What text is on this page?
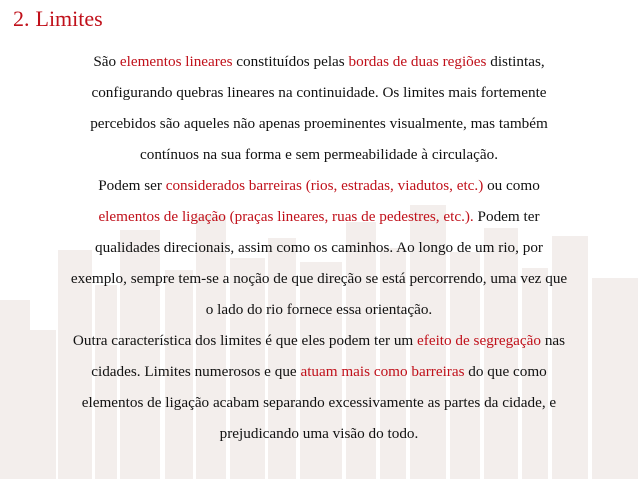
2. Limites
São elementos lineares constituídos pelas bordas de duas regiões distintas,
configurando quebras lineares na continuidade. Os limites mais fortemente
percebidos são aqueles não apenas proeminentes visualmente, mas também
contínuos na sua forma e sem permeabilidade à circulação.
Podem ser considerados barreiras (rios, estradas, viadutos, etc.) ou como
elementos de ligação (praças lineares, ruas de pedestres, etc.). Podem ter
qualidades direcionais, assim como os caminhos. Ao longo de um rio, por
exemplo, sempre tem-se a noção de que direção se está percorrendo, uma vez que
o lado do rio fornece essa orientação.
Outra característica dos limites é que eles podem ter um efeito de segregação nas
cidades. Limites numerosos e que atuam mais como barreiras do que como
elementos de ligação acabam separando excessivamente as partes da cidade, e
prejudicando uma visão do todo.
